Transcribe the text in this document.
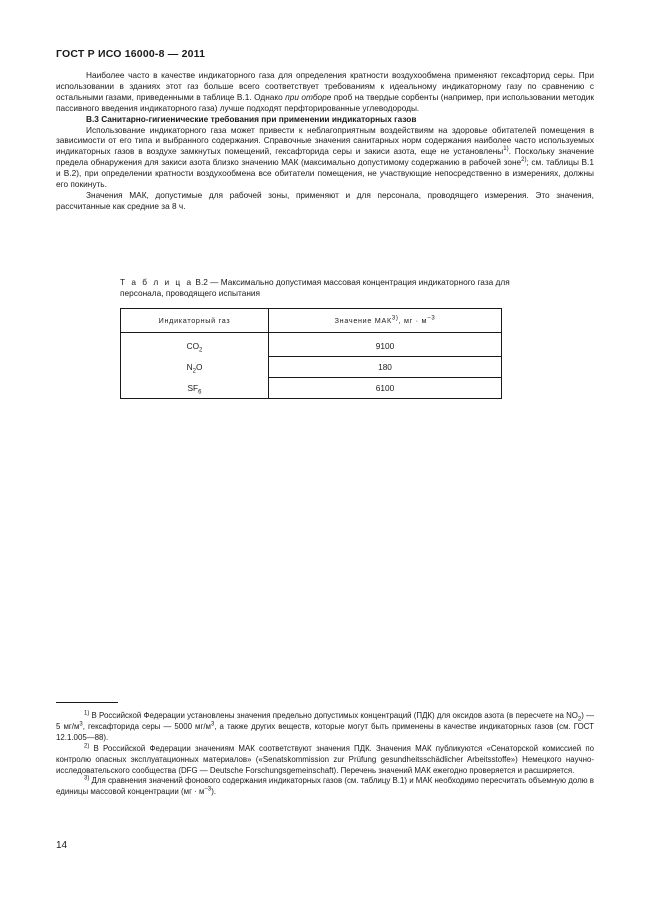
ГОСТ Р ИСО 16000-8 — 2011

Наиболее часто в качестве индикаторного газа для определения кратности воздухообмена применяют гексафторид серы. При использовании в зданиях этот газ больше всего соответствует требованиям к идеальному индикаторному газу по сравнению с остальными газами, приведенными в таблице В.1. Однако при отборе проб на твердые сорбенты (например, при использовании методик пассивного введения индикаторного газа) лучше подходят перфторированные углеводороды.

В.3 Санитарно-гигиенические требования при применении индикаторных газов

Использование индикаторного газа может привести к неблагоприятным воздействиям на здоровье обитателей помещения в зависимости от его типа и выбранного содержания. Справочные значения санитарных норм содержания наиболее часто используемых индикаторных газов в воздухе замкнутых помещений, гексафторида серы и закиси азота, еще не установлены$^{1)}$. Поскольку значение предела обнаружения для закиси азота близко значению МАК (максимально допустимому содержанию в рабочей зоне$^{2)}$; см. таблицы В.1 и В.2), при определении кратности воздухообмена все обитатели помещения, не участвующие непосредственно в измерениях, должны его покинуть.

Значения МАК, допустимые для рабочей зоны, применяют и для персонала, проводящего измерения. Это значения, рассчитанные как средние за 8 ч.

Т а б л и ц а В.2 — Максимально допустимая массовая концентрация индикаторного газа для персонала, проводящего испытания
Индикаторный газ	Значение МАК$^{3)}$, мг · $м^{-3}$
$CO_2$	9100
$N_2O$	180
$SF_6$	6100

$^{1)}$ В Российской Федерации установлены значения предельно допустимых концентраций (ПДК) для оксидов азота (в пересчете на $NO_2$) — 5 $мг/м^3$, гексафторида серы — 5000 $мг/м^3$, а также других веществ, которые могут быть применены в качестве индикаторных газов (см. ГОСТ 12.1.005—88).

$^{2)}$ В Российской Федерации значениям МАК соответствуют значения ПДК. Значения МАК публикуются «Сенаторской комиссией по контролю опасных эксплуатационных материалов» («Senatskommission zur Prüfung gesundheitsschädlicher Arbeitsstoffe») Немецкого научно-исследовательского сообщества (DFG — Deutsche Forschungsgemeinschaft). Перечень значений МАК ежегодно проверяется и расширяется.

$^{3)}$ Для сравнения значений фонового содержания индикаторных газов (см. таблицу В.1) и МАК необходимо пересчитать объемную долю в единицы массовой концентрации $(мг \cdot м^{-3})$.

14
